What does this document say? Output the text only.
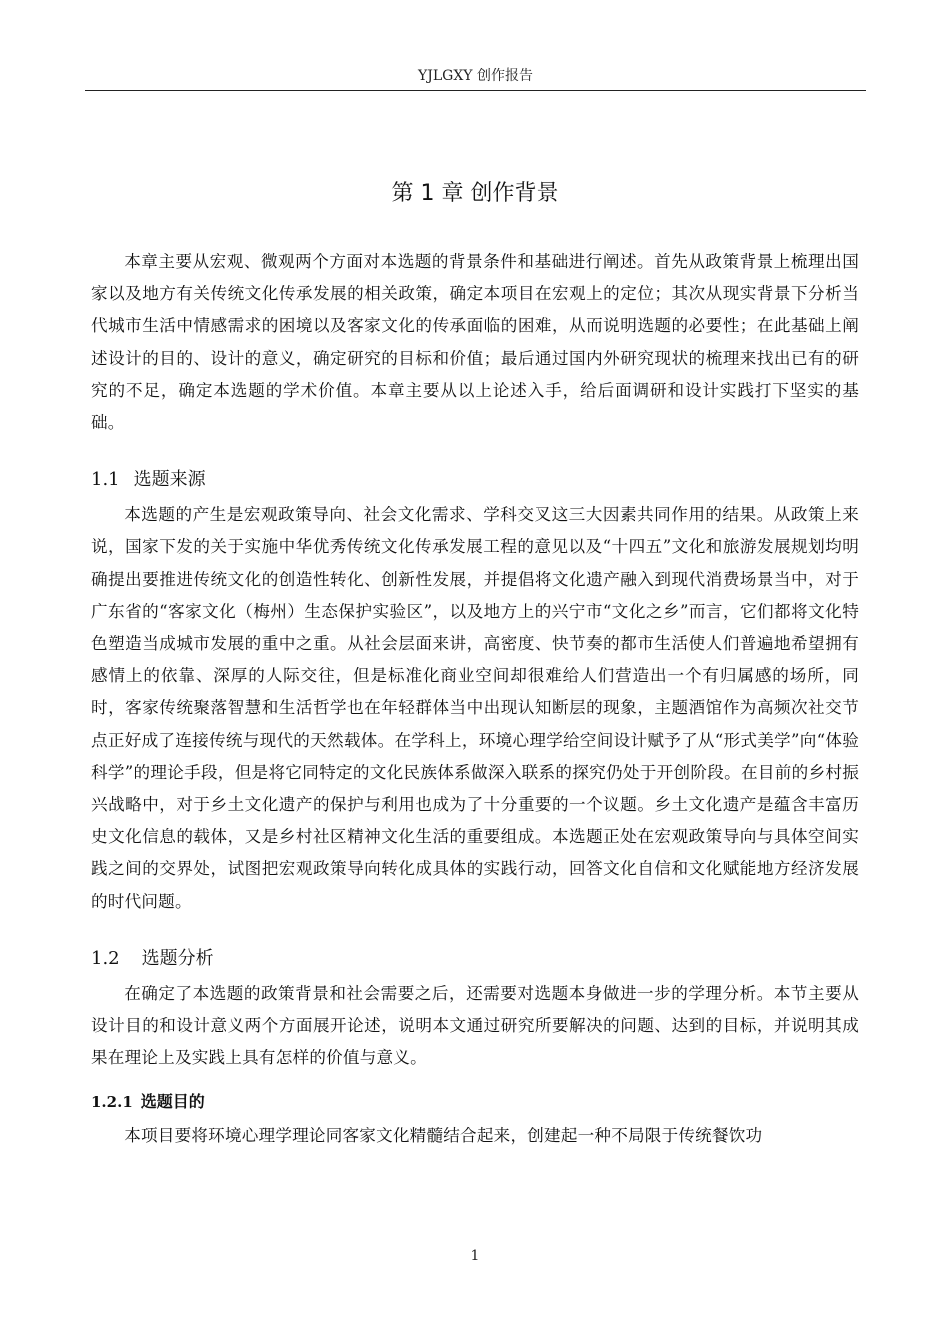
YJLGXY 创作报告
第 1 章 创作背景

本章主要从宏观、微观两个方面对本选题的背景条件和基础进行阐述。首先从政策背景上梳理出国家以及地方有关传统文化传承发展的相关政策，确定本项目在宏观上的定位；其次从现实背景下分析当代城市生活中情感需求的困境以及客家文化的传承面临的困难，从而说明选题的必要性；在此基础上阐述设计的目的、设计的意义，确定研究的目标和价值；最后通过国内外研究现状的梳理来找出已有的研究的不足，确定本选题的学术价值。本章主要从以上论述入手，给后面调研和设计实践打下坚实的基础。

1.1 选题来源

本选题的产生是宏观政策导向、社会文化需求、学科交叉这三大因素共同作用的结果。从政策上来说，国家下发的关于实施中华优秀传统文化传承发展工程的意见以及“十四五”文化和旅游发展规划均明确提出要推进传统文化的创造性转化、创新性发展，并提倡将文化遗产融入到现代消费场景当中，对于广东省的“客家文化（梅州）生态保护实验区”，以及地方上的兴宁市“文化之乡”而言，它们都将文化特色塑造当成城市发展的重中之重。从社会层面来讲，高密度、快节奏的都市生活使人们普遍地希望拥有感情上的依靠、深厚的人际交往，但是标准化商业空间却很难给人们营造出一个有归属感的场所，同时，客家传统聚落智慧和生活哲学也在年轻群体当中出现认知断层的现象，主题酒馆作为高频次社交节点正好成了连接传统与现代的天然载体。在学科上，环境心理学给空间设计赋予了从“形式美学”向“体验科学”的理论手段，但是将它同特定的文化民族体系做深入联系的探究仍处于开创阶段。在目前的乡村振兴战略中，对于乡土文化遗产的保护与利用也成为了十分重要的一个议题。乡土文化遗产是蕴含丰富历史文化信息的载体，又是乡村社区精神文化生活的重要组成。本选题正处在宏观政策导向与具体空间实践之间的交界处，试图把宏观政策导向转化成具体的实践行动，回答文化自信和文化赋能地方经济发展的时代问题。

1.2 选题分析

在确定了本选题的政策背景和社会需要之后，还需要对选题本身做进一步的学理分析。本节主要从设计目的和设计意义两个方面展开论述，说明本文通过研究所要解决的问题、达到的目标，并说明其成果在理论上及实践上具有怎样的价值与意义。

1.2.1 选题目的

本项目要将环境心理学理论同客家文化精髓结合起来，创建起一种不局限于传统餐饮功

1
